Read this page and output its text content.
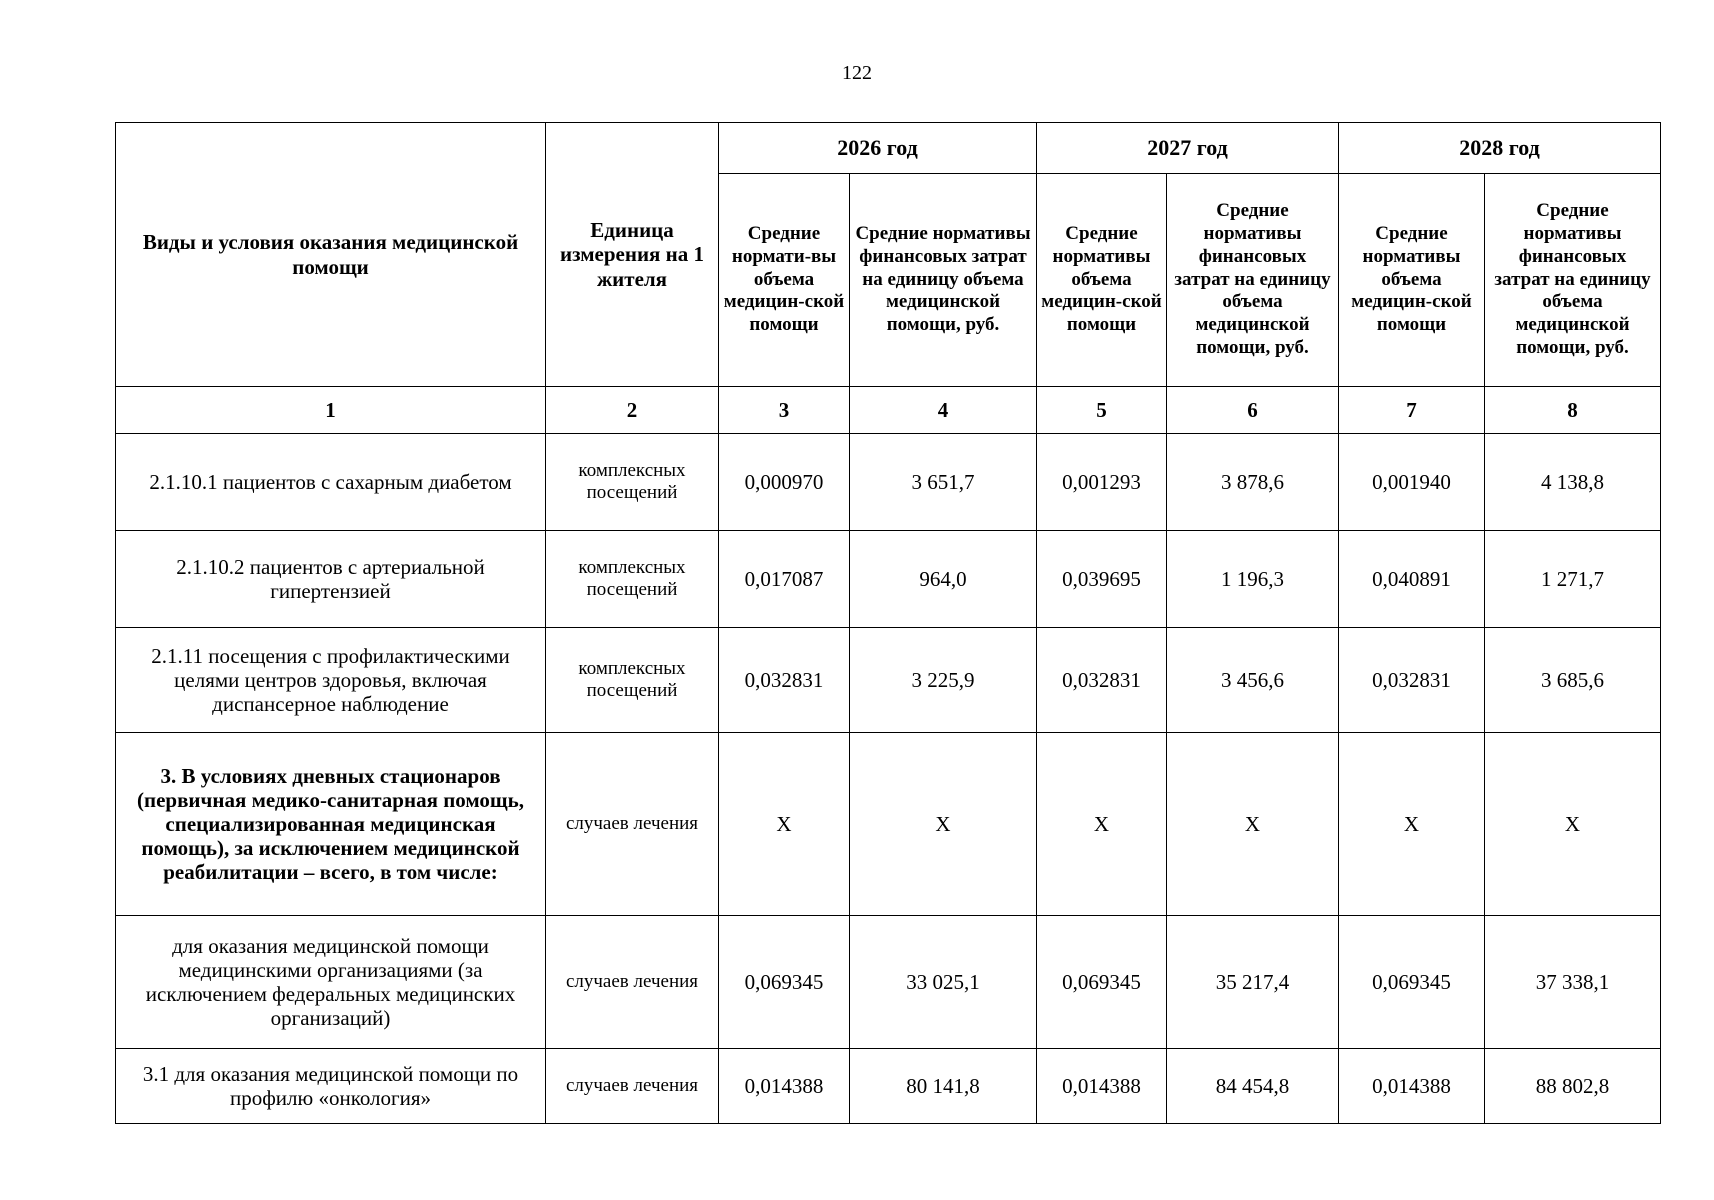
122
Виды и условия оказания медицинской помощи	Единица измерения на 1 жителя	2026 год		2027 год		2028 год	
		Средние нормати-вы объема медицин-ской помощи	Средние нормативы финансовых затрат на единицу объема медицинской помощи, руб.	Средние нормативы объема медицин-ской помощи	Средние нормативы финансовых затрат на единицу объема медицинской помощи, руб.	Средние нормативы объема медицин-ской помощи	Средние нормативы финансовых затрат на единицу объема медицинской помощи, руб.
1	2	3	4	5	6	7	8
2.1.10.1 пациентов с сахарным диабетом	комплексных посещений	0,000970	3 651,7	0,001293	3 878,6	0,001940	4 138,8
2.1.10.2 пациентов с артериальной гипертензией	комплексных посещений	0,017087	964,0	0,039695	1 196,3	0,040891	1 271,7
2.1.11 посещения с профилактическими целями центров здоровья, включая диспансерное наблюдение	комплексных посещений	0,032831	3 225,9	0,032831	3 456,6	0,032831	3 685,6
3. В условиях дневных стационаров (первичная медико-санитарная помощь, специализированная медицинская помощь), за исключением медицинской реабилитации – всего, в том числе:	случаев лечения	Х	Х	Х	Х	Х	Х
для оказания медицинской помощи медицинскими организациями (за исключением федеральных медицинских организаций)	случаев лечения	0,069345	33 025,1	0,069345	35 217,4	0,069345	37 338,1
3.1 для оказания медицинской помощи по профилю «онкология»	случаев лечения	0,014388	80 141,8	0,014388	84 454,8	0,014388	88 802,8
